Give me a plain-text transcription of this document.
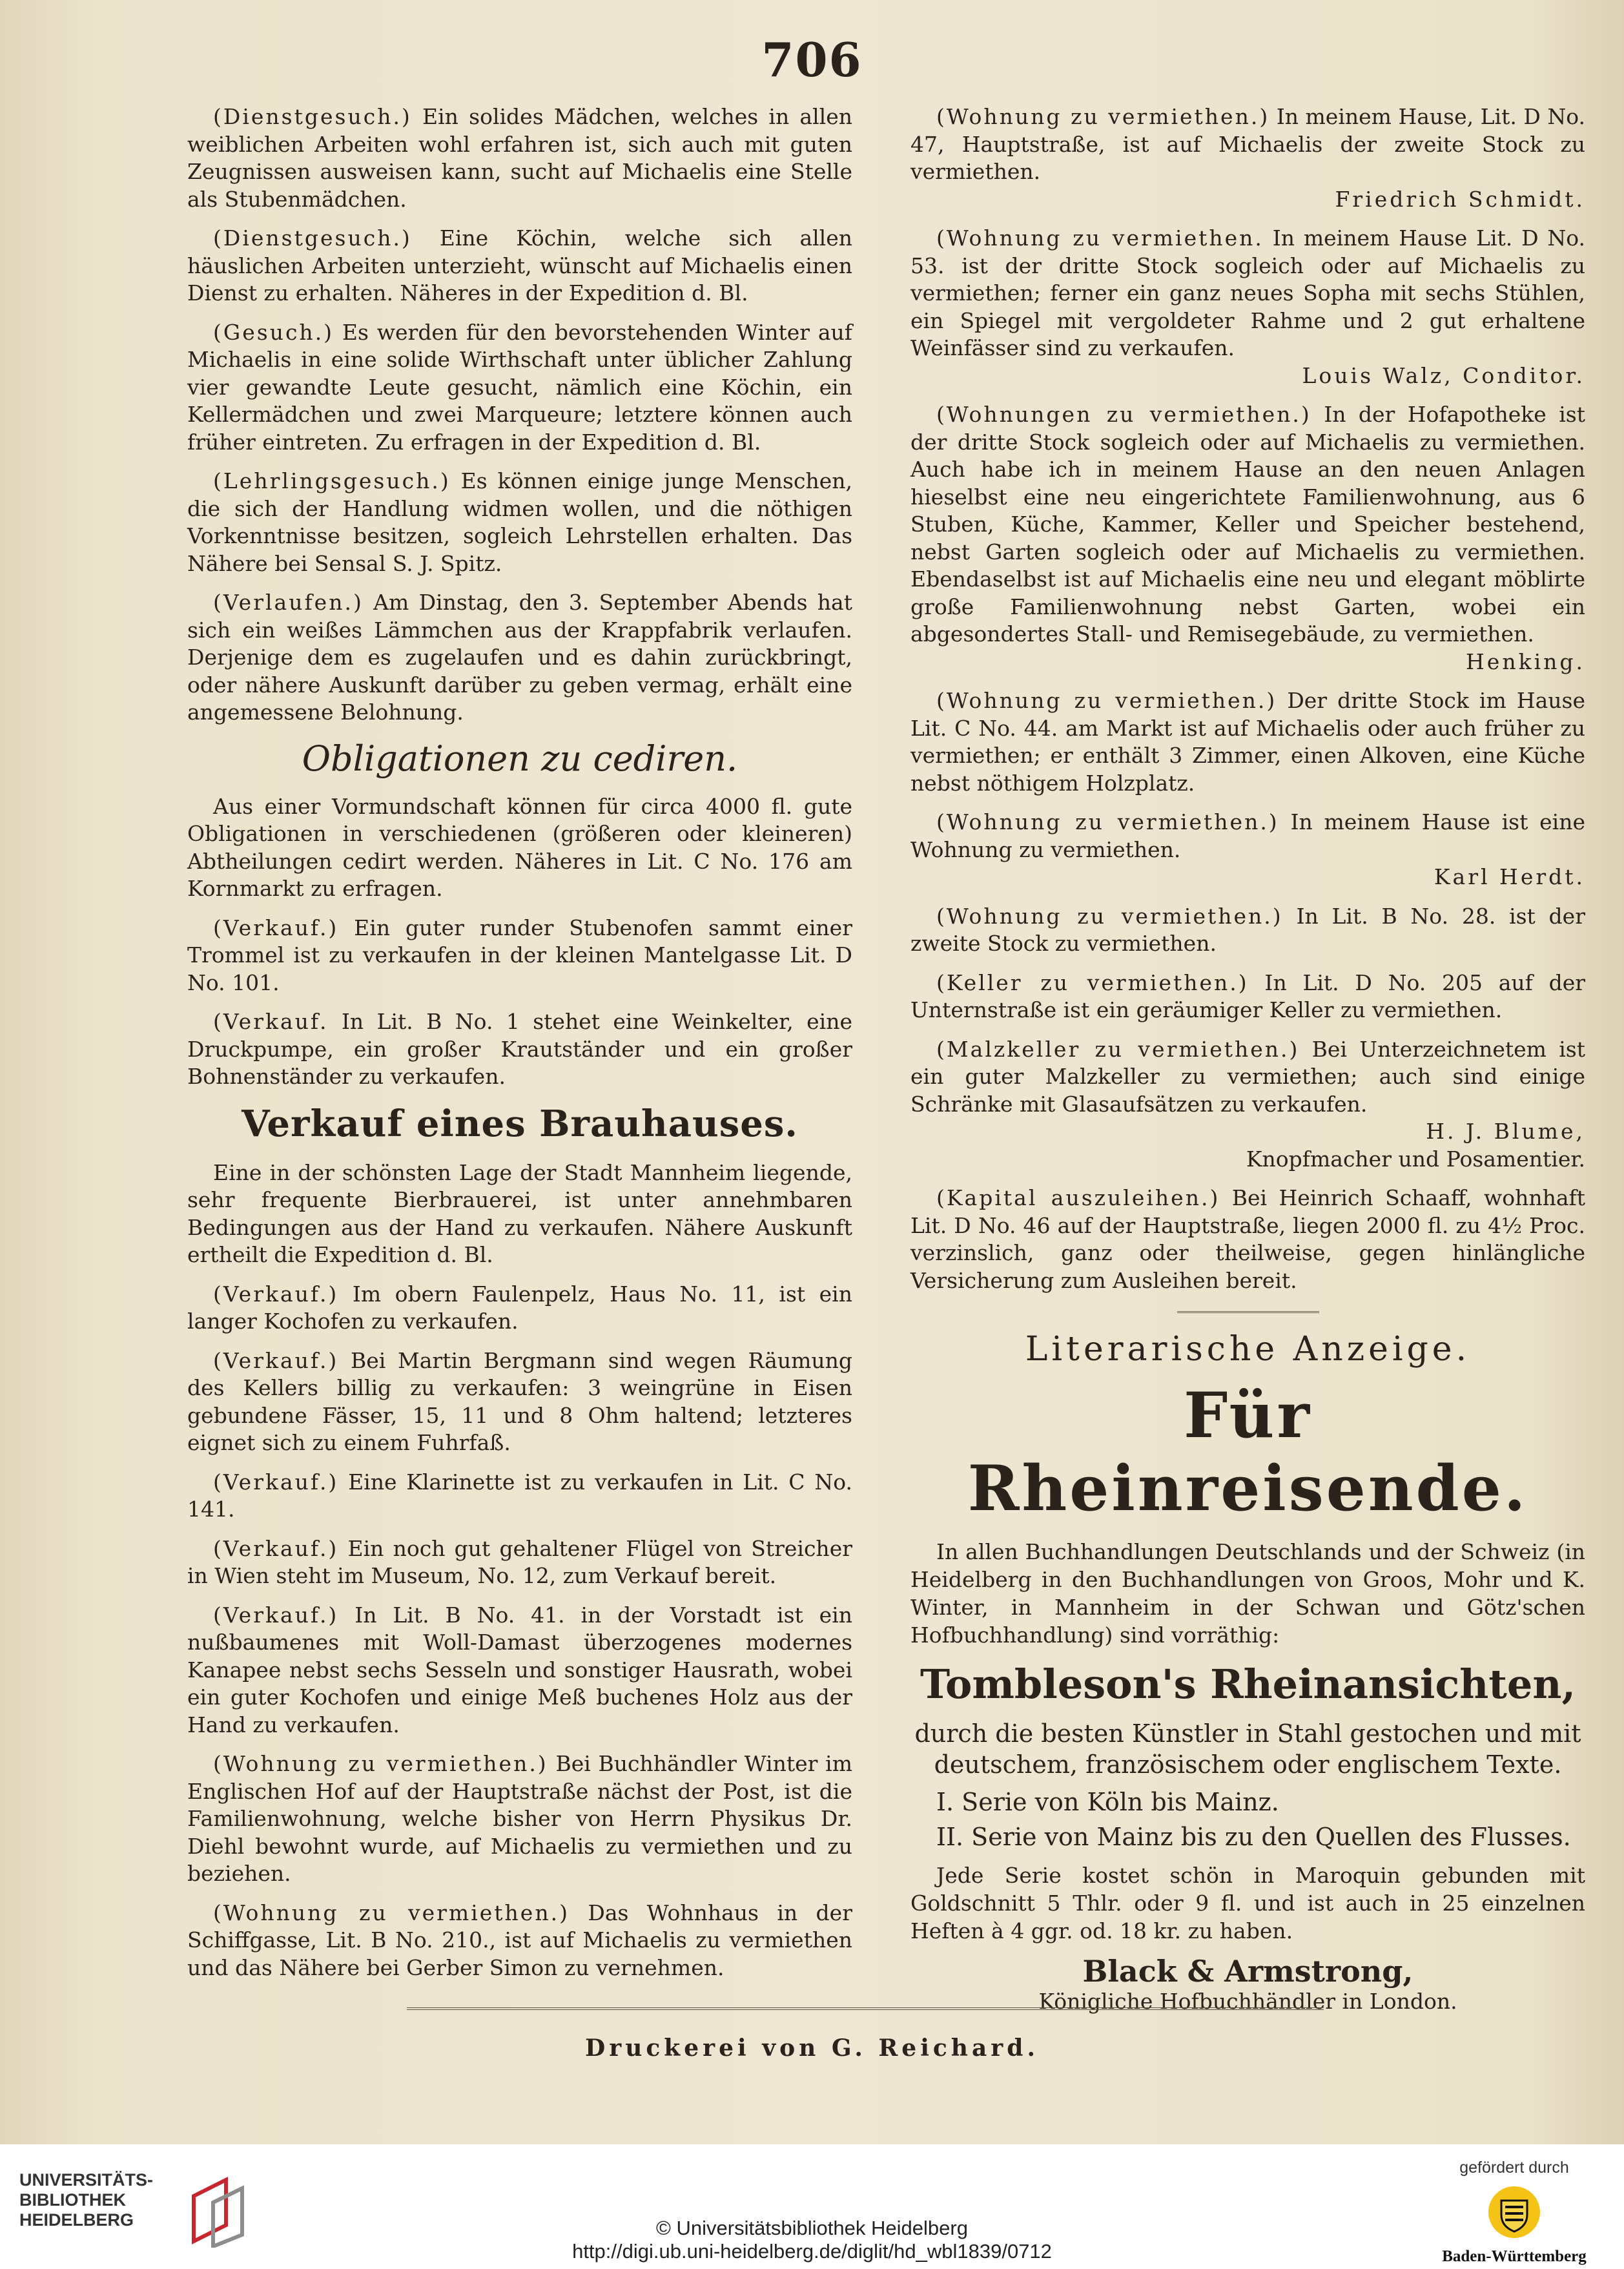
706
(Dienstgesuch.) Ein solides Mädchen, welches in allen weiblichen Arbeiten wohl erfahren ist, sich auch mit guten Zeugnissen ausweisen kann, sucht auf Michaelis eine Stelle als Stubenmädchen.
(Dienstgesuch.) Eine Köchin, welche sich allen häuslichen Arbeiten unterzieht, wünscht auf Michaelis einen Dienst zu erhalten. Näheres in der Expedition d. Bl.
(Gesuch.) Es werden für den bevorstehenden Winter auf Michaelis in eine solide Wirthschaft unter üblicher Zahlung vier gewandte Leute gesucht, nämlich eine Köchin, ein Kellermädchen und zwei Marqueure; letztere können auch früher eintreten. Zu erfragen in der Expedition d. Bl.
(Lehrlingsgesuch.) Es können einige junge Menschen, die sich der Handlung widmen wollen, und die nöthigen Vorkenntnisse besitzen, sogleich Lehrstellen erhalten. Das Nähere bei Sensal S. J. Spitz.
(Verlaufen.) Am Dinstag, den 3. September Abends hat sich ein weißes Lämmchen aus der Krappfabrik verlaufen. Derjenige dem es zugelaufen und es dahin zurückbringt, oder nähere Auskunft darüber zu geben vermag, erhält eine angemessene Belohnung.
Obligationen zu cediren.
Aus einer Vormundschaft können für circa 4000 fl. gute Obligationen in verschiedenen (größeren oder kleineren) Abtheilungen cedirt werden. Näheres in Lit. C No. 176 am Kornmarkt zu erfragen.
(Verkauf.) Ein guter runder Stubenofen sammt einer Trommel ist zu verkaufen in der kleinen Mantelgasse Lit. D No. 101.
(Verkauf. In Lit. B No. 1 stehet eine Weinkelter, eine Druckpumpe, ein großer Krautständer und ein großer Bohnenständer zu verkaufen.
Verkauf eines Brauhauses.
Eine in der schönsten Lage der Stadt Mannheim liegende, sehr frequente Bierbrauerei, ist unter annehmbaren Bedingungen aus der Hand zu verkaufen. Nähere Auskunft ertheilt die Expedition d. Bl.
(Verkauf.) Im obern Faulenpelz, Haus No. 11, ist ein langer Kochofen zu verkaufen.
(Verkauf.) Bei Martin Bergmann sind wegen Räumung des Kellers billig zu verkaufen: 3 weingrüne in Eisen gebundene Fässer, 15, 11 und 8 Ohm haltend; letzteres eignet sich zu einem Fuhrfaß.
(Verkauf.) Eine Klarinette ist zu verkaufen in Lit. C No. 141.
(Verkauf.) Ein noch gut gehaltener Flügel von Streicher in Wien steht im Museum, No. 12, zum Verkauf bereit.
(Verkauf.) In Lit. B No. 41. in der Vorstadt ist ein nußbaumenes mit Woll-Damast überzogenes modernes Kanapee nebst sechs Sesseln und sonstiger Hausrath, wobei ein guter Kochofen und einige Meß buchenes Holz aus der Hand zu verkaufen.
(Wohnung zu vermiethen.) Bei Buchhändler Winter im Englischen Hof auf der Hauptstraße nächst der Post, ist die Familienwohnung, welche bisher von Herrn Physikus Dr. Diehl bewohnt wurde, auf Michaelis zu vermiethen und zu beziehen.
(Wohnung zu vermiethen.) Das Wohnhaus in der Schiffgasse, Lit. B No. 210., ist auf Michaelis zu vermiethen und das Nähere bei Gerber Simon zu vernehmen.
(Wohnung zu vermiethen.) In meinem Hause, Lit. D No. 47, Hauptstraße, ist auf Michaelis der zweite Stock zu vermiethen.
Friedrich Schmidt.
(Wohnung zu vermiethen. In meinem Hause Lit. D No. 53. ist der dritte Stock sogleich oder auf Michaelis zu vermiethen; ferner ein ganz neues Sopha mit sechs Stühlen, ein Spiegel mit vergoldeter Rahme und 2 gut erhaltene Weinfässer sind zu verkaufen.
Louis Walz, Conditor.
(Wohnungen zu vermiethen.) In der Hofapotheke ist der dritte Stock sogleich oder auf Michaelis zu vermiethen. Auch habe ich in meinem Hause an den neuen Anlagen hieselbst eine neu eingerichtete Familienwohnung, aus 6 Stuben, Küche, Kammer, Keller und Speicher bestehend, nebst Garten sogleich oder auf Michaelis zu vermiethen. Ebendaselbst ist auf Michaelis eine neu und elegant möblirte große Familienwohnung nebst Garten, wobei ein abgesondertes Stall- und Remisegebäude, zu vermiethen.
Henking.
(Wohnung zu vermiethen.) Der dritte Stock im Hause Lit. C No. 44. am Markt ist auf Michaelis oder auch früher zu vermiethen; er enthält 3 Zimmer, einen Alkoven, eine Küche nebst nöthigem Holzplatz.
(Wohnung zu vermiethen.) In meinem Hause ist eine Wohnung zu vermiethen.
Karl Herdt.
(Wohnung zu vermiethen.) In Lit. B No. 28. ist der zweite Stock zu vermiethen.
(Keller zu vermiethen.) In Lit. D No. 205 auf der Unternstraße ist ein geräumiger Keller zu vermiethen.
(Malzkeller zu vermiethen.) Bei Unterzeichnetem ist ein guter Malzkeller zu vermiethen; auch sind einige Schränke mit Glasaufsätzen zu verkaufen.
H. J. Blume,
Knopfmacher und Posamentier.
(Kapital auszuleihen.) Bei Heinrich Schaaff, wohnhaft Lit. D No. 46 auf der Hauptstraße, liegen 2000 fl. zu 4½ Proc. verzinslich, ganz oder theilweise, gegen hinlängliche Versicherung zum Ausleihen bereit.
Literarische Anzeige.
Für Rheinreisende.
In allen Buchhandlungen Deutschlands und der Schweiz (in Heidelberg in den Buchhandlungen von Groos, Mohr und K. Winter, in Mannheim in der Schwan und Götz'schen Hofbuchhandlung) sind vorräthig:
Tombleson's Rheinansichten,
durch die besten Künstler in Stahl gestochen und mit deutschem, französischem oder englischem Texte.
I. Serie von Köln bis Mainz.
II. Serie von Mainz bis zu den Quellen des Flusses.
Jede Serie kostet schön in Maroquin gebunden mit Goldschnitt 5 Thlr. oder 9 fl. und ist auch in 25 einzelnen Heften à 4 ggr. od. 18 kr. zu haben.
Black & Armstrong,
Königliche Hofbuchhändler in London.
Druckerei von G. Reichard.
UNIVERSITÄTS-
BIBLIOTHEK
HEIDELBERG	© Universitätsbibliothek Heidelberg
http://digi.ub.uni-heidelberg.de/diglit/hd_wbl1839/0712
gefördert durch
Baden-Württemberg
